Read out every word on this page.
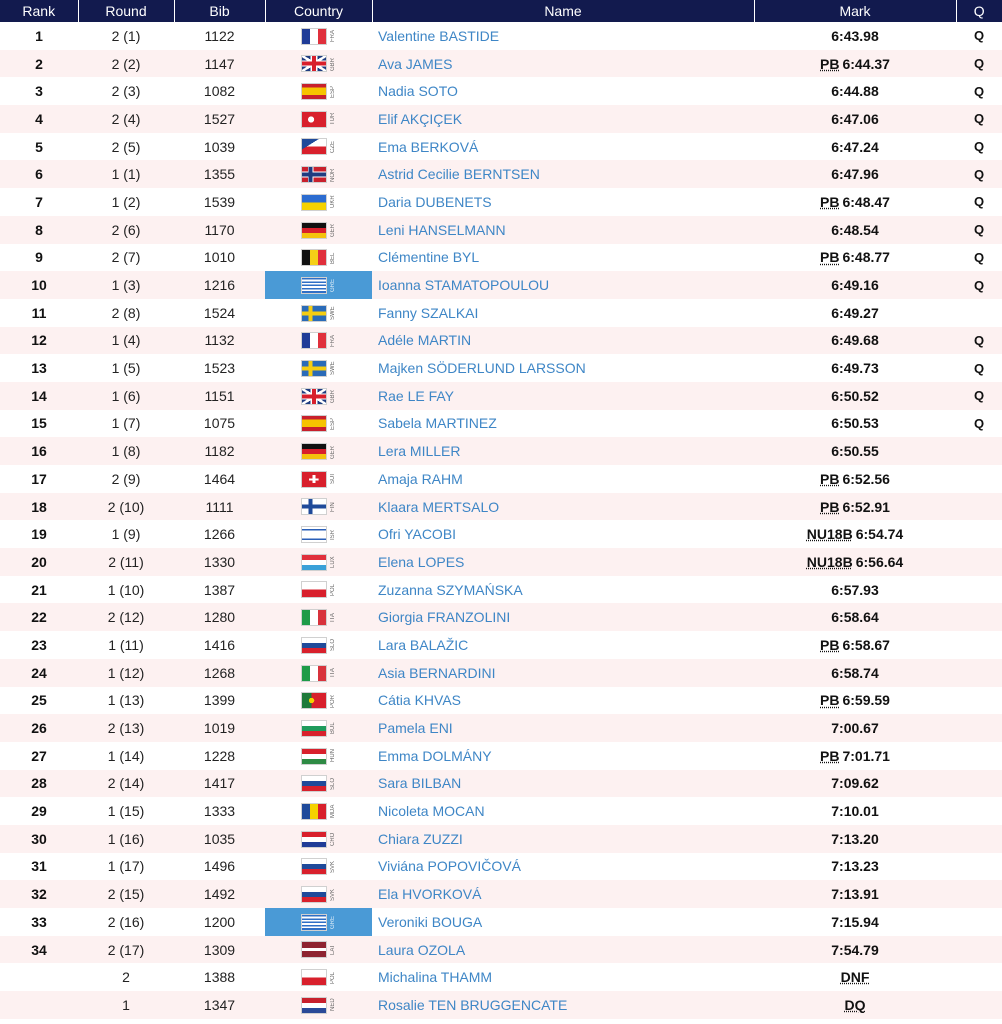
Rank	Round	Bib	Country	Name	Mark	Q
1	2 (1)	1122	FRA	Valentine BASTIDE	6:43.98	Q
2	2 (2)	1147	GBR	Ava JAMES	PB 6:44.37	Q
3	2 (3)	1082	ESP	Nadia SOTO	6:44.88	Q
4	2 (4)	1527	TUR	Elif AKÇIÇEK	6:47.06	Q
5	2 (5)	1039	CZE	Ema BERKOVÁ	6:47.24	Q
6	1 (1)	1355	NOR	Astrid Cecilie BERNTSEN	6:47.96	Q
7	1 (2)	1539	UKR	Daria DUBENETS	PB 6:48.47	Q
8	2 (6)	1170	GER	Leni HANSELMANN	6:48.54	Q
9	2 (7)	1010	BEL	Clémentine BYL	PB 6:48.77	Q
10	1 (3)	1216	GRE	Ioanna STAMATOPOULOU	6:49.16	Q
11	2 (8)	1524	SWE	Fanny SZALKAI	6:49.27	
12	1 (4)	1132	FRA	Adéle MARTIN	6:49.68	Q
13	1 (5)	1523	SWE	Majken SÖDERLUND LARSSON	6:49.73	Q
14	1 (6)	1151	GBR	Rae LE FAY	6:50.52	Q
15	1 (7)	1075	ESP	Sabela MARTINEZ	6:50.53	Q
16	1 (8)	1182	GER	Lera MILLER	6:50.55	
17	2 (9)	1464	SUI	Amaja RAHM	PB 6:52.56	
18	2 (10)	1111	FIN	Klaara MERTSALO	PB 6:52.91	
19	1 (9)	1266	ISR	Ofri YACOBI	NU18B 6:54.74	
20	2 (11)	1330	LUX	Elena LOPES	NU18B 6:56.64	
21	1 (10)	1387	POL	Zuzanna SZYMAŃSKA	6:57.93	
22	2 (12)	1280	ITA	Giorgia FRANZOLINI	6:58.64	
23	1 (11)	1416	SLO	Lara BALAŽIC	PB 6:58.67	
24	1 (12)	1268	ITA	Asia BERNARDINI	6:58.74	
25	1 (13)	1399	POR	Cátia KHVAS	PB 6:59.59	
26	2 (13)	1019	BUL	Pamela ENI	7:00.67	
27	1 (14)	1228	HUN	Emma DOLMÁNY	PB 7:01.71	
28	2 (14)	1417	SLO	Sara BILBAN	7:09.62	
29	1 (15)	1333	MDA	Nicoleta MOCAN	7:10.01	
30	1 (16)	1035	CRO	Chiara ZUZZI	7:13.20	
31	1 (17)	1496	SVK	Viviána POPOVIČOVÁ	7:13.23	
32	2 (15)	1492	SVK	Ela HVORKOVÁ	7:13.91	
33	2 (16)	1200	GRE	Veroniki BOUGA	7:15.94	
34	2 (17)	1309	LAT	Laura OZOLA	7:54.79	
	2	1388	POL	Michalina THAMM	DNF	
	1	1347	NED	Rosalie TEN BRUGGENCATE	DQ	
